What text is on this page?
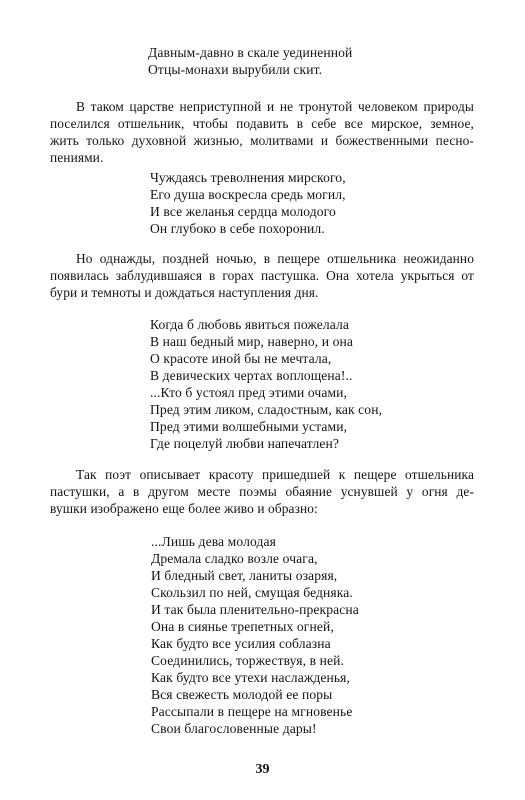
Давным-давно в скале уединенной
Отцы-монахи вырубили скит.
В таком царстве неприступной и не тронутой человеком природы
поселился отшельник, чтобы подавить в себе все мирское, земное,
жить только духовной жизнью, молитвами и божественными песно-
пениями.
Чуждаясь треволнения мирского,
Его душа воскресла средь могил,
И все желанья сердца молодого
Он глубоко в себе похоронил.
Но однажды, поздней ночью, в пещере отшельника неожиданно
появилась заблудившаяся в горах пастушка. Она хотела укрыться от
бури и темноты и дождаться наступления дня.
Когда б любовь явиться пожелала
В наш бедный мир, наверно, и она
О красоте иной бы не мечтала,
В девических чертах воплощена!..
...Кто б устоял пред этими очами,
Пред этим ликом, сладостным, как сон,
Пред этими волшебными устами,
Где поцелуй любви напечатлен?
Так поэт описывает красоту пришедшей к пещере отшельника
пастушки, а в другом месте поэмы обаяние уснувшей у огня де-
вушки изображено еще более живо и образно:
...Лишь дева молодая
Дремала сладко возле очага,
И бледный свет, ланиты озаряя,
Скользил по ней, смущая бедняка.
И так была пленительно-прекрасна
Она в сиянье трепетных огней,
Как будто все усилия соблазна
Соединились, торжествуя, в ней.
Как будто все утехи наслажденья,
Вся свежесть молодой ее поры
Рассыпали в пещере на мгновенье
Свои благословенные дары!
39
